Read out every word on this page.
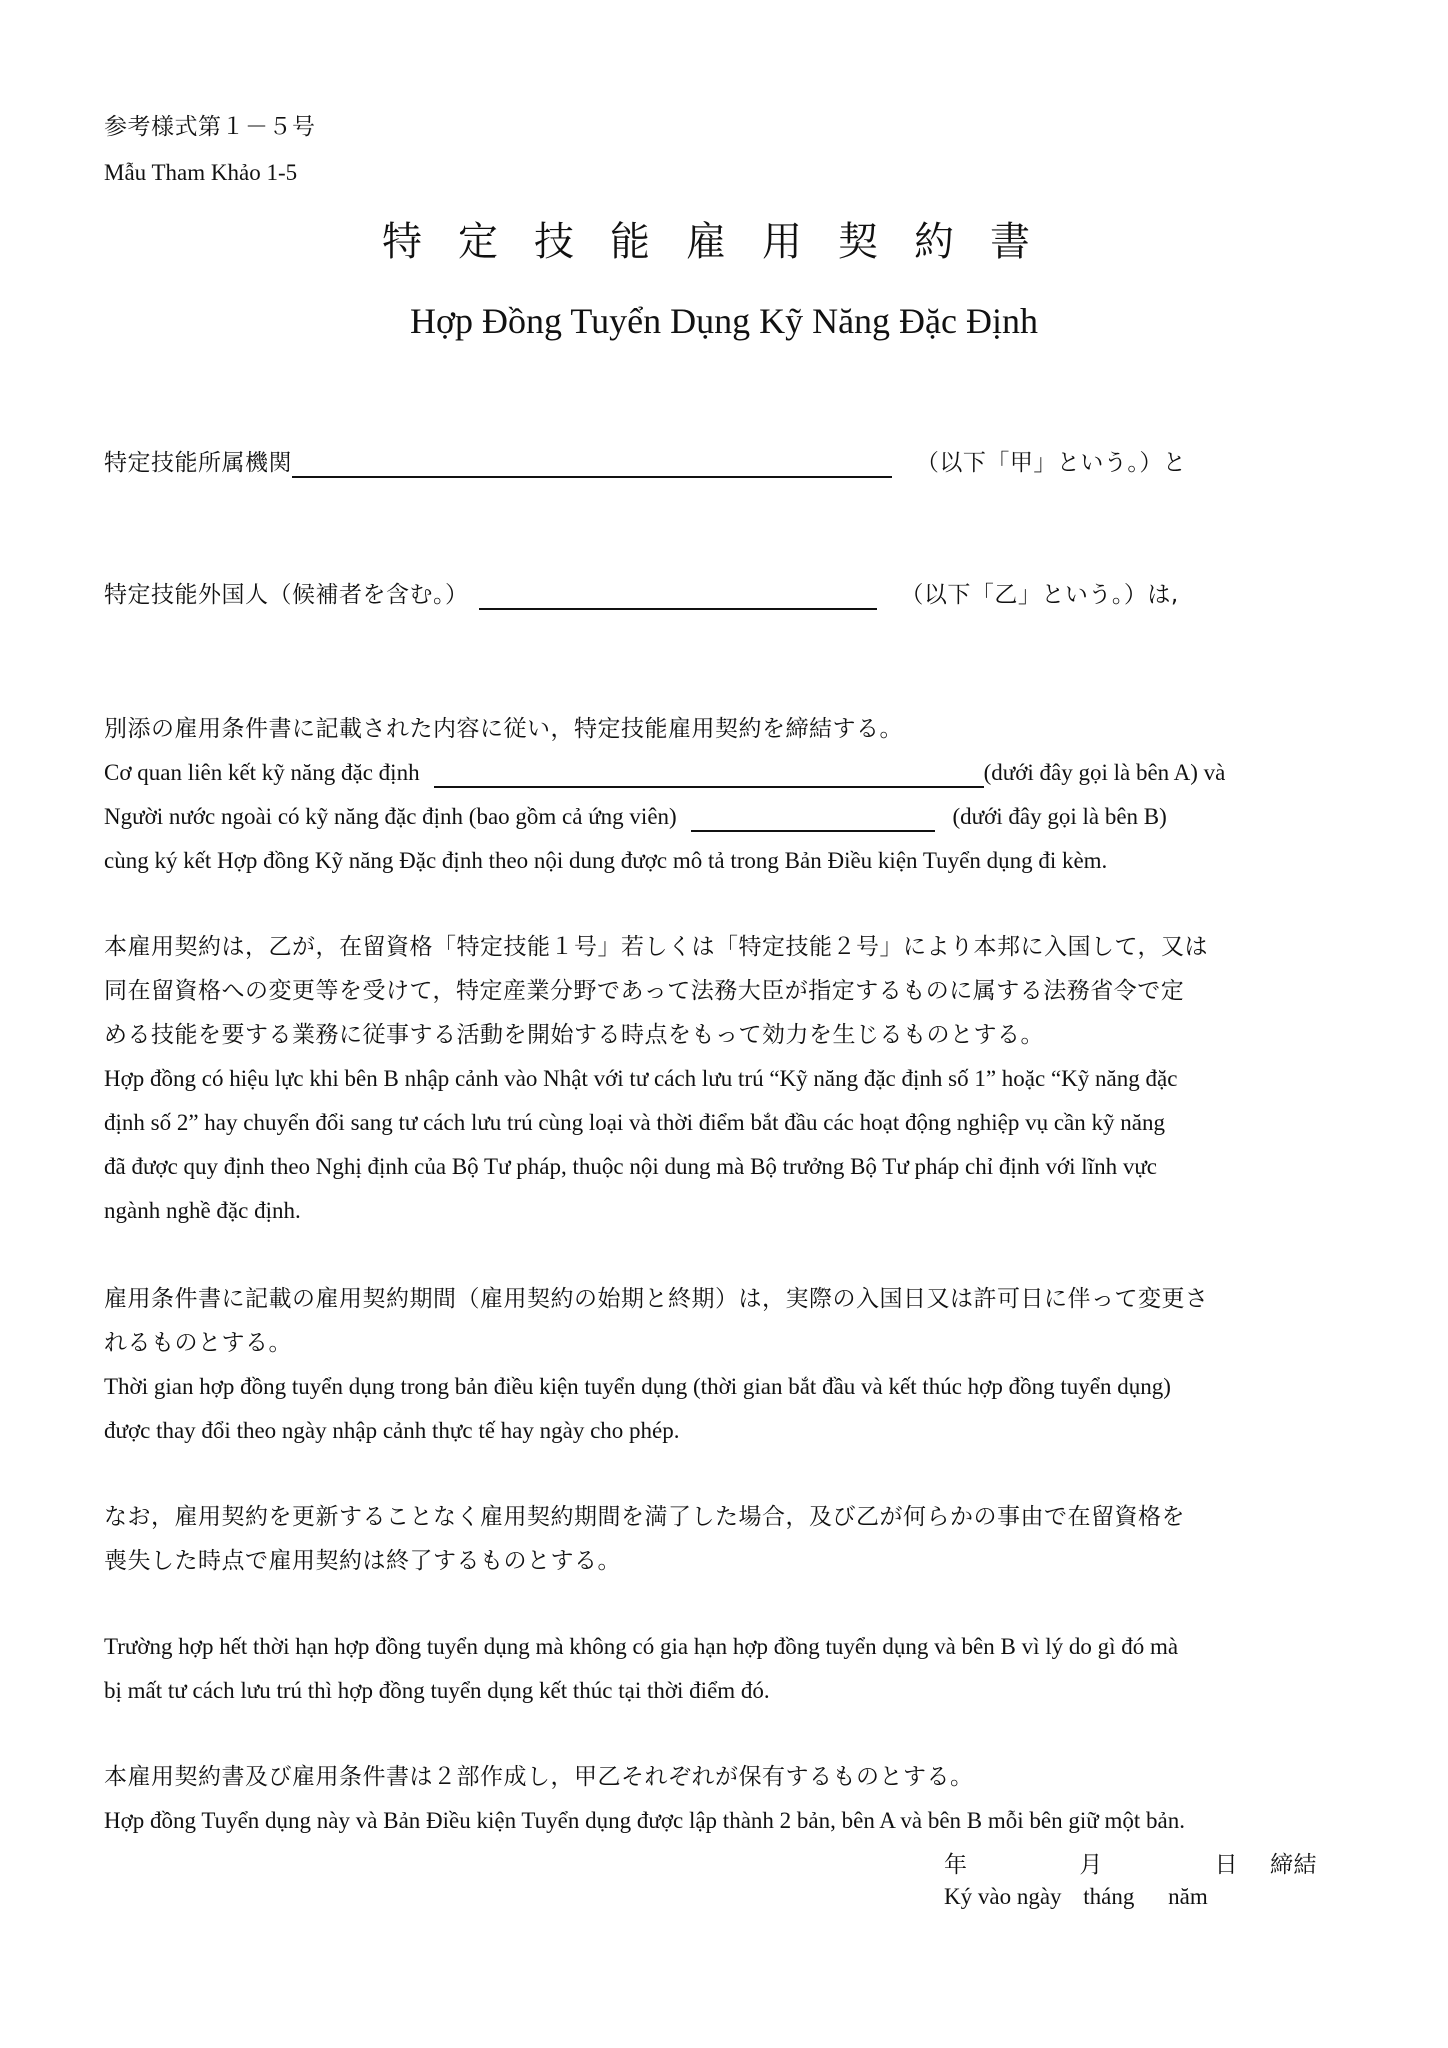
参考様式第１－５号
Mẫu Tham Khảo 1-5
特定技能雇用契約書
Hợp Đồng Tuyển Dụng Kỹ Năng Đặc Định
特定技能所属機関	（以下「甲」という。）と
特定技能外国人（候補者を含む。）	（以下「乙」という。）は,
別添の雇用条件書に記載された内容に従い，特定技能雇用契約を締結する。
Cơ quan liên kết kỹ năng đặc định	(dưới đây gọi là bên A) và
Người nước ngoài có kỹ năng đặc định (bao gồm cả ứng viên)	(dưới đây gọi là bên B)
cùng ký kết Hợp đồng Kỹ năng Đặc định theo nội dung được mô tả trong Bản Điều kiện Tuyển dụng đi kèm.
本雇用契約は，乙が，在留資格「特定技能１号」若しくは「特定技能２号」により本邦に入国して，又は
同在留資格への変更等を受けて，特定産業分野であって法務大臣が指定するものに属する法務省令で定
める技能を要する業務に従事する活動を開始する時点をもって効力を生じるものとする。
Hợp đồng có hiệu lực khi bên B nhập cảnh vào Nhật với tư cách lưu trú “Kỹ năng đặc định số 1” hoặc “Kỹ năng đặc
định số 2” hay chuyển đổi sang tư cách lưu trú cùng loại và thời điểm bắt đầu các hoạt động nghiệp vụ cần kỹ năng
đã được quy định theo Nghị định của Bộ Tư pháp, thuộc nội dung mà Bộ trưởng Bộ Tư pháp chỉ định với lĩnh vực
ngành nghề đặc định.
雇用条件書に記載の雇用契約期間（雇用契約の始期と終期）は，実際の入国日又は許可日に伴って変更さ
れるものとする。
Thời gian hợp đồng tuyển dụng trong bản điều kiện tuyển dụng (thời gian bắt đầu và kết thúc hợp đồng tuyển dụng)
được thay đổi theo ngày nhập cảnh thực tế hay ngày cho phép.
なお，雇用契約を更新することなく雇用契約期間を満了した場合，及び乙が何らかの事由で在留資格を
喪失した時点で雇用契約は終了するものとする。
Trường hợp hết thời hạn hợp đồng tuyển dụng mà không có gia hạn hợp đồng tuyển dụng và bên B vì lý do gì đó mà
bị mất tư cách lưu trú thì hợp đồng tuyển dụng kết thúc tại thời điểm đó.
本雇用契約書及び雇用条件書は２部作成し，甲乙それぞれが保有するものとする。
Hợp đồng Tuyển dụng này và Bản Điều kiện Tuyển dụng được lập thành 2 bản, bên A và bên B mỗi bên giữ một bản.
年	月	日 締結
Ký vào ngày tháng năm
